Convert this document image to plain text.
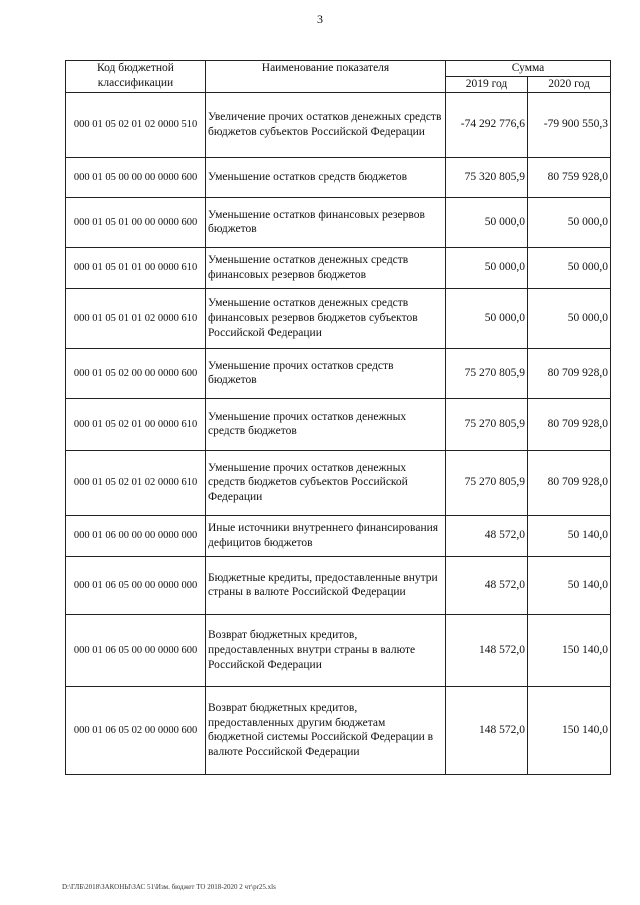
3
Код бюджетной классификации	Наименование показателя	Сумма	
		2019 год	2020 год
000 01 05 02 01 02 0000 510	Увеличение прочих остатков денежных средств бюджетов субъектов Российской Федерации	-74 292 776,6	-79 900 550,3
000 01 05 00 00 00 0000 600	Уменьшение остатков средств бюджетов	75 320 805,9	80 759 928,0
000 01 05 01 00 00 0000 600	Уменьшение остатков финансовых резервов бюджетов	50 000,0	50 000,0
000 01 05 01 01 00 0000 610	Уменьшение остатков денежных средств финансовых резервов бюджетов	50 000,0	50 000,0
000 01 05 01 01 02 0000 610	Уменьшение остатков денежных средств финансовых резервов бюджетов субъектов Российской Федерации	50 000,0	50 000,0
000 01 05 02 00 00 0000 600	Уменьшение прочих остатков средств бюджетов	75 270 805,9	80 709 928,0
000 01 05 02 01 00 0000 610	Уменьшение прочих остатков денежных средств бюджетов	75 270 805,9	80 709 928,0
000 01 05 02 01 02 0000 610	Уменьшение прочих остатков денежных средств бюджетов субъектов Российской Федерации	75 270 805,9	80 709 928,0
000 01 06 00 00 00 0000 000	Иные источники внутреннего финансирования дефицитов бюджетов	48 572,0	50 140,0
000 01 06 05 00 00 0000 000	Бюджетные кредиты, предоставленные внутри страны в валюте Российской Федерации	48 572,0	50 140,0
000 01 06 05 00 00 0000 600	Возврат бюджетных кредитов, предоставленных внутри страны в валюте Российской Федерации	148 572,0	150 140,0
000 01 06 05 02 00 0000 600	Возврат бюджетных кредитов, предоставленных другим бюджетам бюджетной системы Российской Федерации в валюте Российской Федерации	148 572,0	150 140,0
D:\ГЛБ\2018\ЗАКОНЫ\ЗАС 51\Изм. бюджет ТО 2018-2020 2 чт\pr25.xls
